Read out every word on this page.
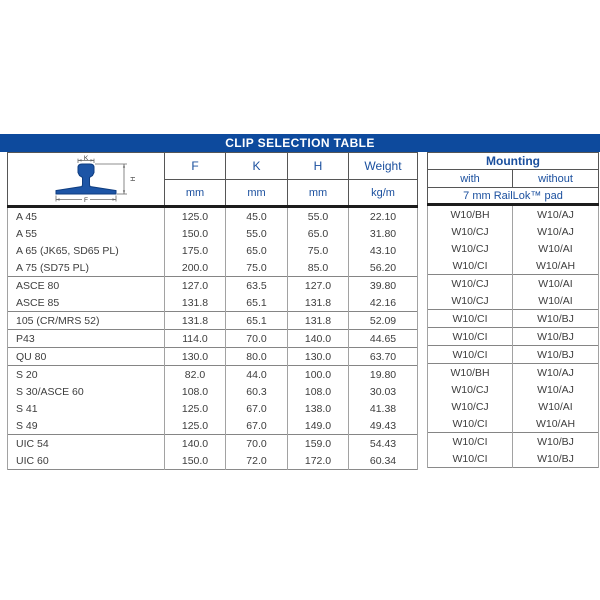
CLIP SELECTION TABLE
K
H
F	F	K	H	Weight
	mm	mm	mm	kg/m
A 45	125.0	45.0	55.0	22.10
A 55	150.0	55.0	65.0	31.80
A 65 (JK65, SD65 PL)	175.0	65.0	75.0	43.10
A 75 (SD75 PL)	200.0	75.0	85.0	56.20
ASCE 80	127.0	63.5	127.0	39.80
ASCE 85	131.8	65.1	131.8	42.16
105 (CR/MRS 52)	131.8	65.1	131.8	52.09
P43	114.0	70.0	140.0	44.65
QU 80	130.0	80.0	130.0	63.70
S 20	82.0	44.0	100.0	19.80
S 30/ASCE 60	108.0	60.3	108.0	30.03
S 41	125.0	67.0	138.0	41.38
S 49	125.0	67.0	149.0	49.43
UIC 54	140.0	70.0	159.0	54.43
UIC 60	150.0	72.0	172.0	60.34
Mounting	
with	without
7 mm RailLok™ pad	
W10/BH	W10/AJ
W10/CJ	W10/AJ
W10/CJ	W10/AI
W10/CI	W10/AH
W10/CJ	W10/AI
W10/CJ	W10/AI
W10/CI	W10/BJ
W10/CI	W10/BJ
W10/CI	W10/BJ
W10/BH	W10/AJ
W10/CJ	W10/AJ
W10/CJ	W10/AI
W10/CI	W10/AH
W10/CI	W10/BJ
W10/CI	W10/BJ
